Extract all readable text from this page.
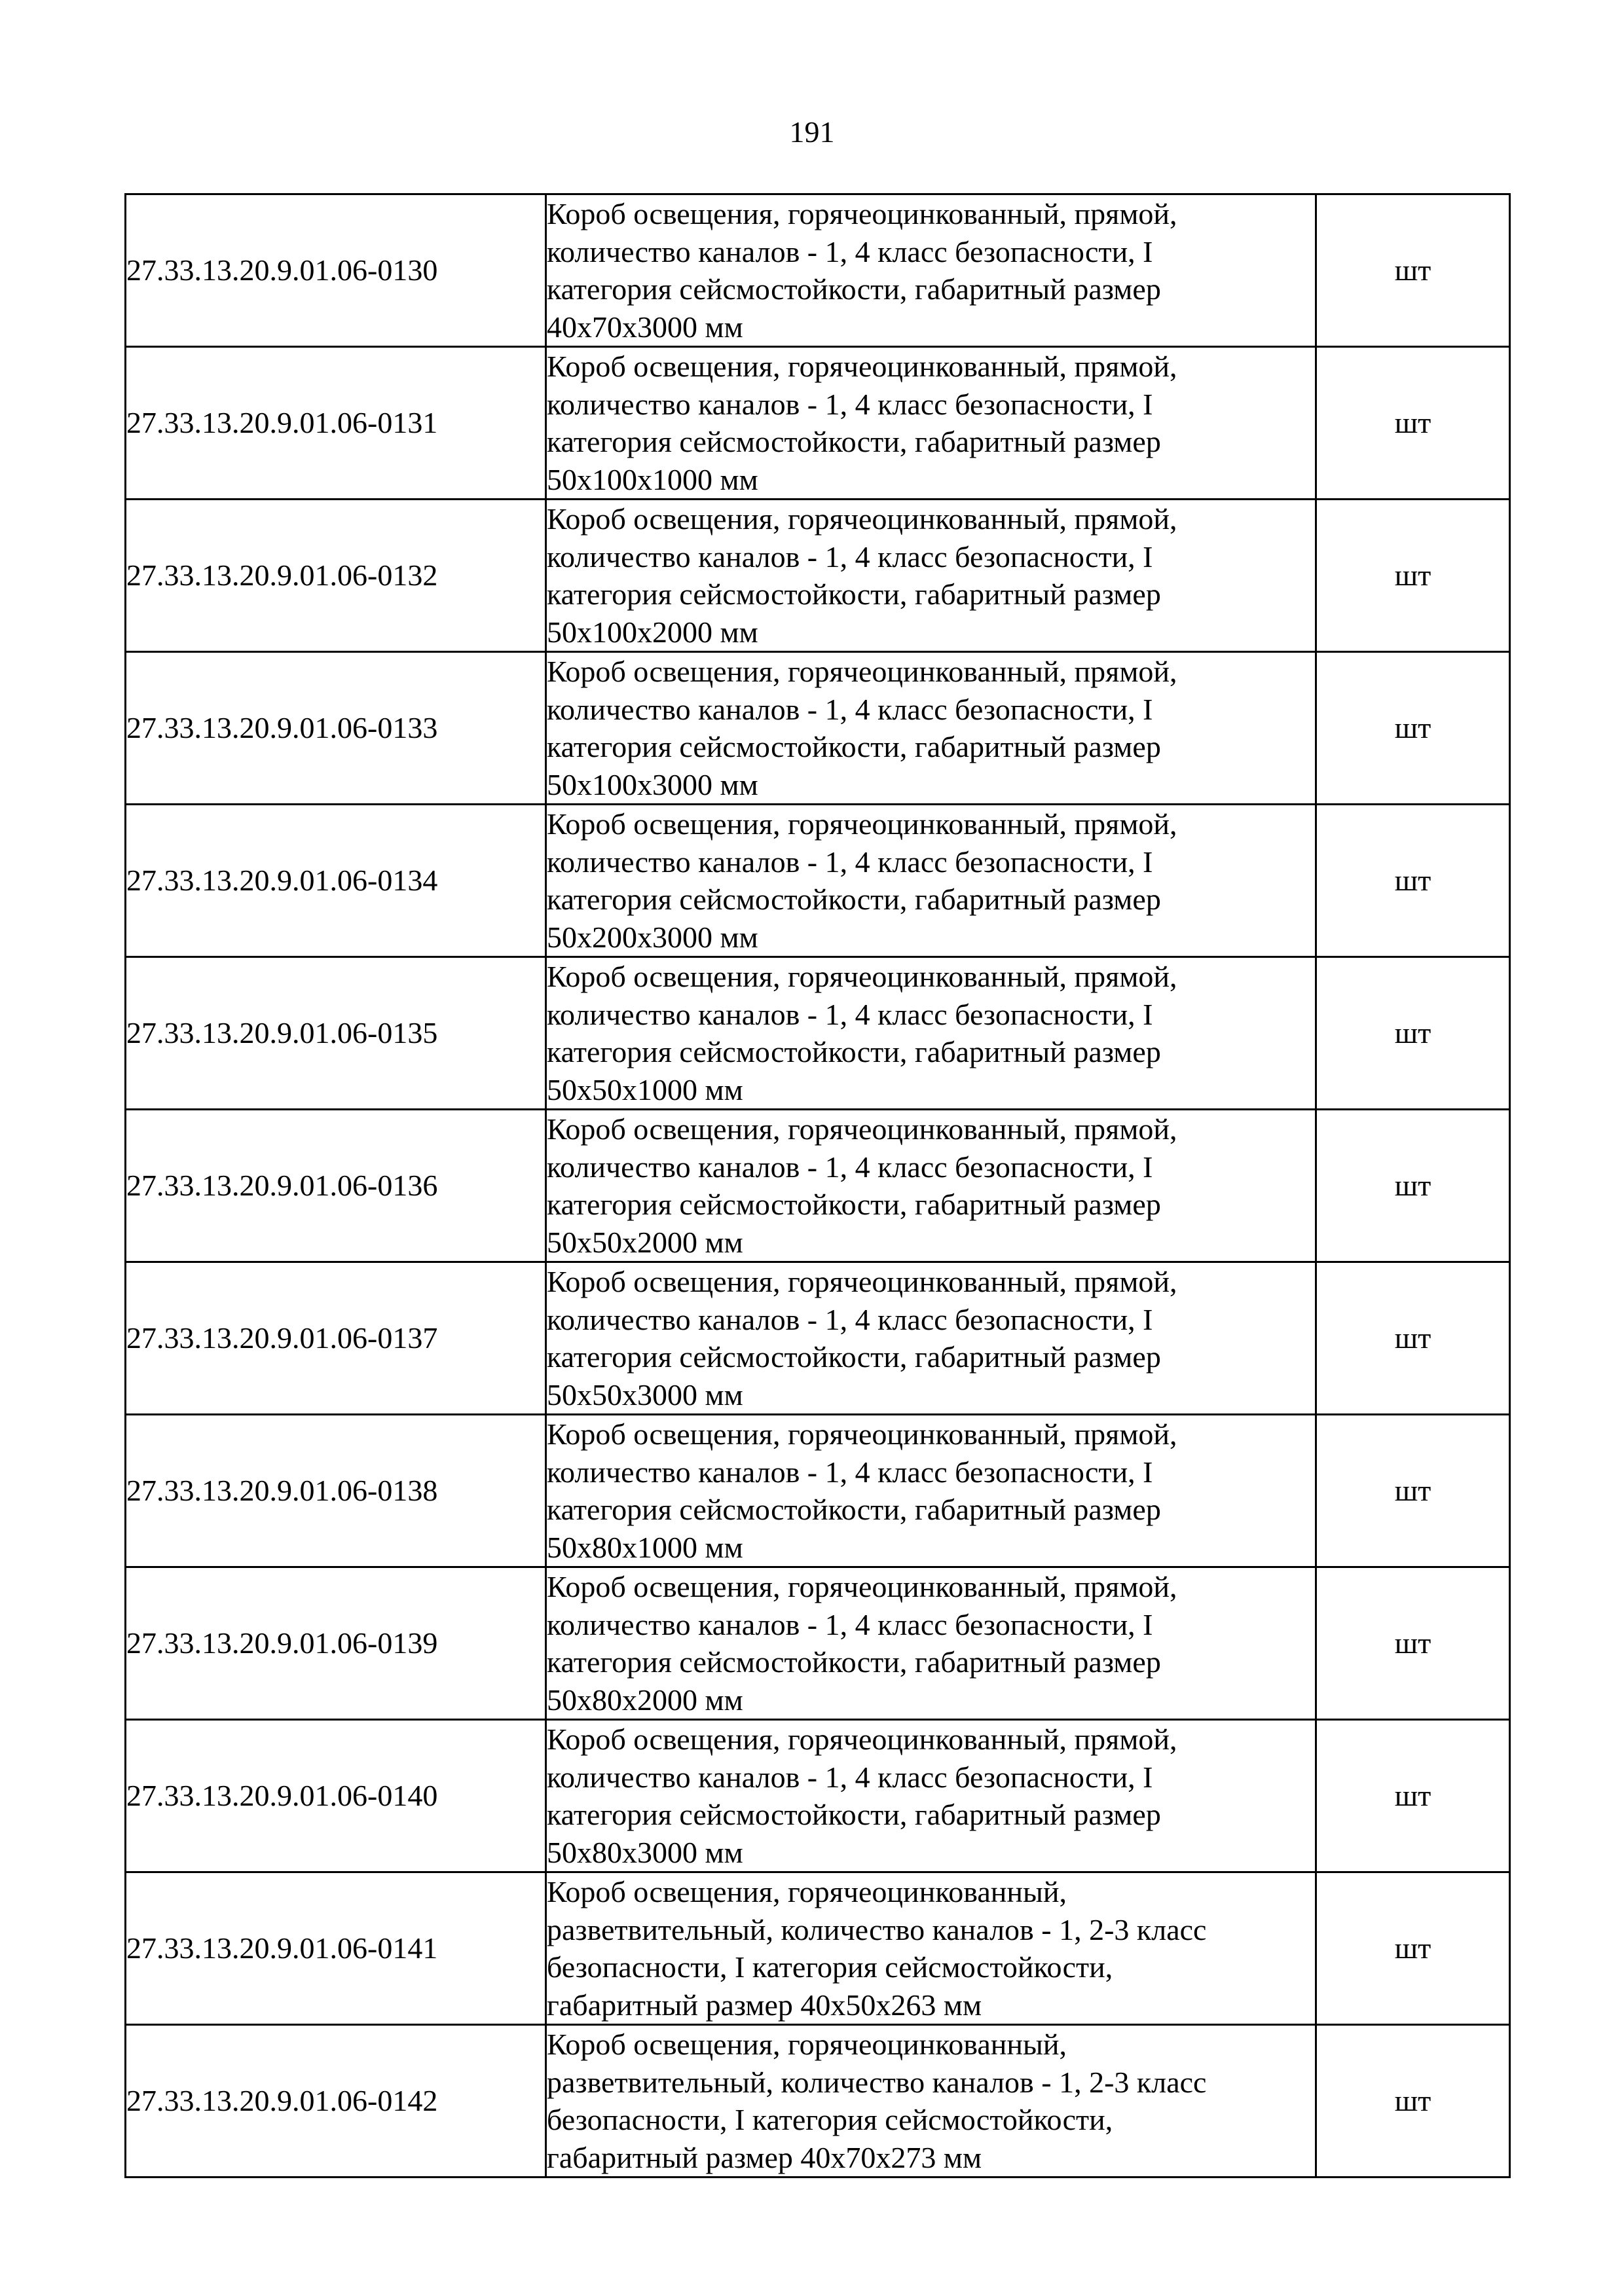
191
27.33.13.20.9.01.06-0130	Короб освещения, горячеоцинкованный, прямой,
количество каналов - 1, 4 класс безопасности, I
категория сейсмостойкости, габаритный размер
40х70х3000 мм	шт
27.33.13.20.9.01.06-0131	Короб освещения, горячеоцинкованный, прямой,
количество каналов - 1, 4 класс безопасности, I
категория сейсмостойкости, габаритный размер
50х100х1000 мм	шт
27.33.13.20.9.01.06-0132	Короб освещения, горячеоцинкованный, прямой,
количество каналов - 1, 4 класс безопасности, I
категория сейсмостойкости, габаритный размер
50х100х2000 мм	шт
27.33.13.20.9.01.06-0133	Короб освещения, горячеоцинкованный, прямой,
количество каналов - 1, 4 класс безопасности, I
категория сейсмостойкости, габаритный размер
50х100х3000 мм	шт
27.33.13.20.9.01.06-0134	Короб освещения, горячеоцинкованный, прямой,
количество каналов - 1, 4 класс безопасности, I
категория сейсмостойкости, габаритный размер
50х200х3000 мм	шт
27.33.13.20.9.01.06-0135	Короб освещения, горячеоцинкованный, прямой,
количество каналов - 1, 4 класс безопасности, I
категория сейсмостойкости, габаритный размер
50х50х1000 мм	шт
27.33.13.20.9.01.06-0136	Короб освещения, горячеоцинкованный, прямой,
количество каналов - 1, 4 класс безопасности, I
категория сейсмостойкости, габаритный размер
50х50х2000 мм	шт
27.33.13.20.9.01.06-0137	Короб освещения, горячеоцинкованный, прямой,
количество каналов - 1, 4 класс безопасности, I
категория сейсмостойкости, габаритный размер
50х50х3000 мм	шт
27.33.13.20.9.01.06-0138	Короб освещения, горячеоцинкованный, прямой,
количество каналов - 1, 4 класс безопасности, I
категория сейсмостойкости, габаритный размер
50х80х1000 мм	шт
27.33.13.20.9.01.06-0139	Короб освещения, горячеоцинкованный, прямой,
количество каналов - 1, 4 класс безопасности, I
категория сейсмостойкости, габаритный размер
50х80х2000 мм	шт
27.33.13.20.9.01.06-0140	Короб освещения, горячеоцинкованный, прямой,
количество каналов - 1, 4 класс безопасности, I
категория сейсмостойкости, габаритный размер
50х80х3000 мм	шт
27.33.13.20.9.01.06-0141	Короб освещения, горячеоцинкованный,
разветвительный, количество каналов - 1, 2-3 класс
безопасности, I категория сейсмостойкости,
габаритный размер 40х50х263 мм	шт
27.33.13.20.9.01.06-0142	Короб освещения, горячеоцинкованный,
разветвительный, количество каналов - 1, 2-3 класс
безопасности, I категория сейсмостойкости,
габаритный размер 40х70х273 мм	шт
